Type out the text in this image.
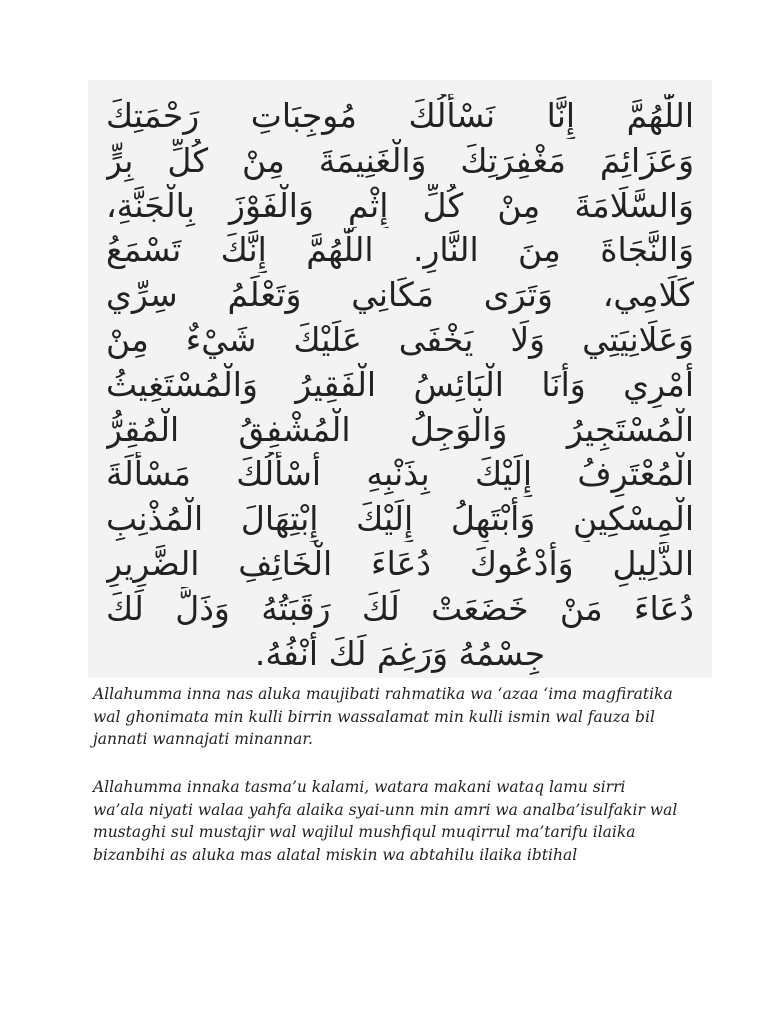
اللّٰهُمَّ إِنَّا نَسْأَلُكَ مُوجِبَاتِ رَحْمَتِكَ
وَعَزَائِمَ مَغْفِرَتِكَ وَالْغَنِيمَةَ مِنْ كُلِّ بِرٍّ
وَالسَّلَامَةَ مِنْ كُلِّ إِثْمٍ وَالْفَوْزَ بِالْجَنَّةِ،
وَالنَّجَاةَ مِنَ النَّارِ. اللّٰهُمَّ إِنَّكَ تَسْمَعُ
كَلَامِي، وَتَرَى مَكَانِي وَتَعْلَمُ سِرِّي
وَعَلَانِيَتِي وَلَا يَخْفَى عَلَيْكَ شَيْءٌ مِنْ
أَمْرِي وَأَنَا الْبَائِسُ الْفَقِيرُ وَالْمُسْتَغِيثُ
الْمُسْتَجِيرُ وَالْوَجِلُ الْمُشْفِقُ الْمُقِرُّ
الْمُعْتَرِفُ إِلَيْكَ بِذَنْبِهِ أَسْأَلُكَ مَسْأَلَةَ
الْمِسْكِينِ وَأَبْتَهِلُ إِلَيْكَ إِبْتِهَالَ الْمُذْنِبِ
الذَّلِيلِ وَأَدْعُوكَ دُعَاءَ الْخَائِفِ الضَّرِيرِ
دُعَاءَ مَنْ خَضَعَتْ لَكَ رَقَبَتُهُ وَذَلَّ لَكَ
جِسْمُهُ وَرَغِمَ لَكَ أَنْفُهُ.

Allahumma inna nas aluka maujibati rahmatika wa ‘azaa ‘ima magfiratika
wal ghonimata min kulli birrin wassalamat min kulli ismin wal fauza bil
jannati wannajati minannar.

Allahumma innaka tasma’u kalami, watara makani wataq lamu sirri
wa’ala niyati walaa yahfa alaika syai-unn min amri wa analba’isulfakir wal
mustaghi sul mustajir wal wajilul mushfiqul muqirrul ma’tarifu ilaika
bizanbihi as aluka mas alatal miskin wa abtahilu ilaika ibtihal
